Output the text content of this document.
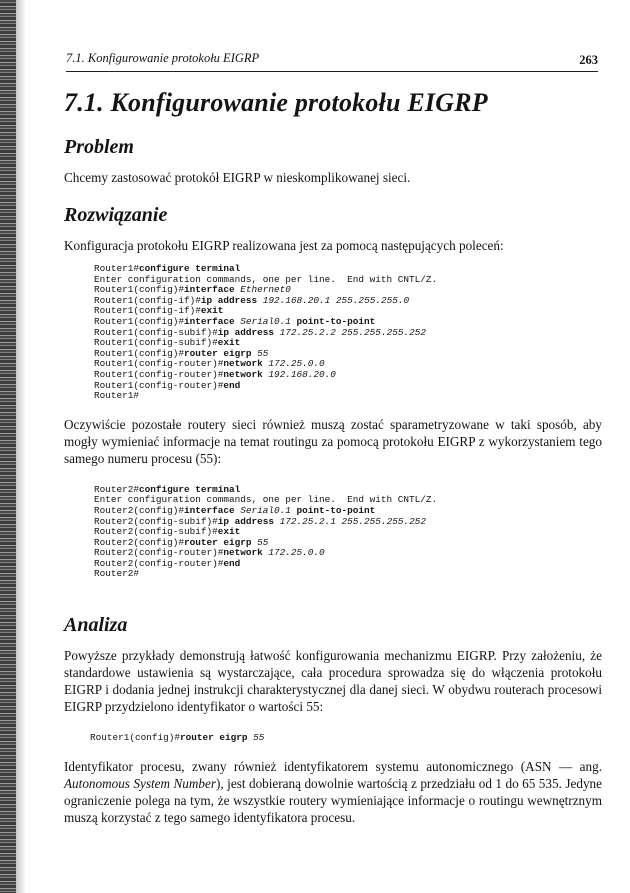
7.1. Konfigurowanie protokołu EIGRP	263
7.1. Konfigurowanie protokołu EIGRP
Problem

Chcemy zastosować protokół EIGRP w nieskomplikowanej sieci.

Rozwiązanie

Konfiguracja protokołu EIGRP realizowana jest za pomocą następujących poleceń:

Router1#configure terminal
Enter configuration commands, one per line.  End with CNTL/Z.
Router1(config)#interface Ethernet0
Router1(config-if)#ip address 192.168.20.1 255.255.255.0
Router1(config-if)#exit
Router1(config)#interface Serial0.1 point-to-point
Router1(config-subif)#ip address 172.25.2.2 255.255.255.252
Router1(config-subif)#exit
Router1(config)#router eigrp 55
Router1(config-router)#network 172.25.0.0
Router1(config-router)#network 192.168.20.0
Router1(config-router)#end
Router1#

Oczywiście pozostałe routery sieci również muszą zostać sparametryzowane w taki sposób, aby mogły wymieniać informacje na temat routingu za pomocą protokołu EIGRP z wykorzystaniem tego samego numeru procesu (55):

Router2#configure terminal
Enter configuration commands, one per line.  End with CNTL/Z.
Router2(config)#interface Serial0.1 point-to-point
Router2(config-subif)#ip address 172.25.2.1 255.255.255.252
Router2(config-subif)#exit
Router2(config)#router eigrp 55
Router2(config-router)#network 172.25.0.0
Router2(config-router)#end
Router2#
Analiza

Powyższe przykłady demonstrują łatwość konfigurowania mechanizmu EIGRP. Przy założeniu, że standardowe ustawienia są wystarczające, cała procedura sprowadza się do włączenia protokołu EIGRP i dodania jednej instrukcji charakterystycznej dla danej sieci. W obydwu routerach procesowi EIGRP przydzielono identyfikator o wartości 55:

Router1(config)#router eigrp 55

Identyfikator procesu, zwany również identyfikatorem systemu autonomicznego (ASN — ang. Autonomous System Number), jest dobieraną dowolnie wartością z przedziału od 1 do 65 535. Jedyne ograniczenie polega na tym, że wszystkie routery wymieniające informacje o routingu wewnętrznym muszą korzystać z tego samego identyfikatora procesu.
